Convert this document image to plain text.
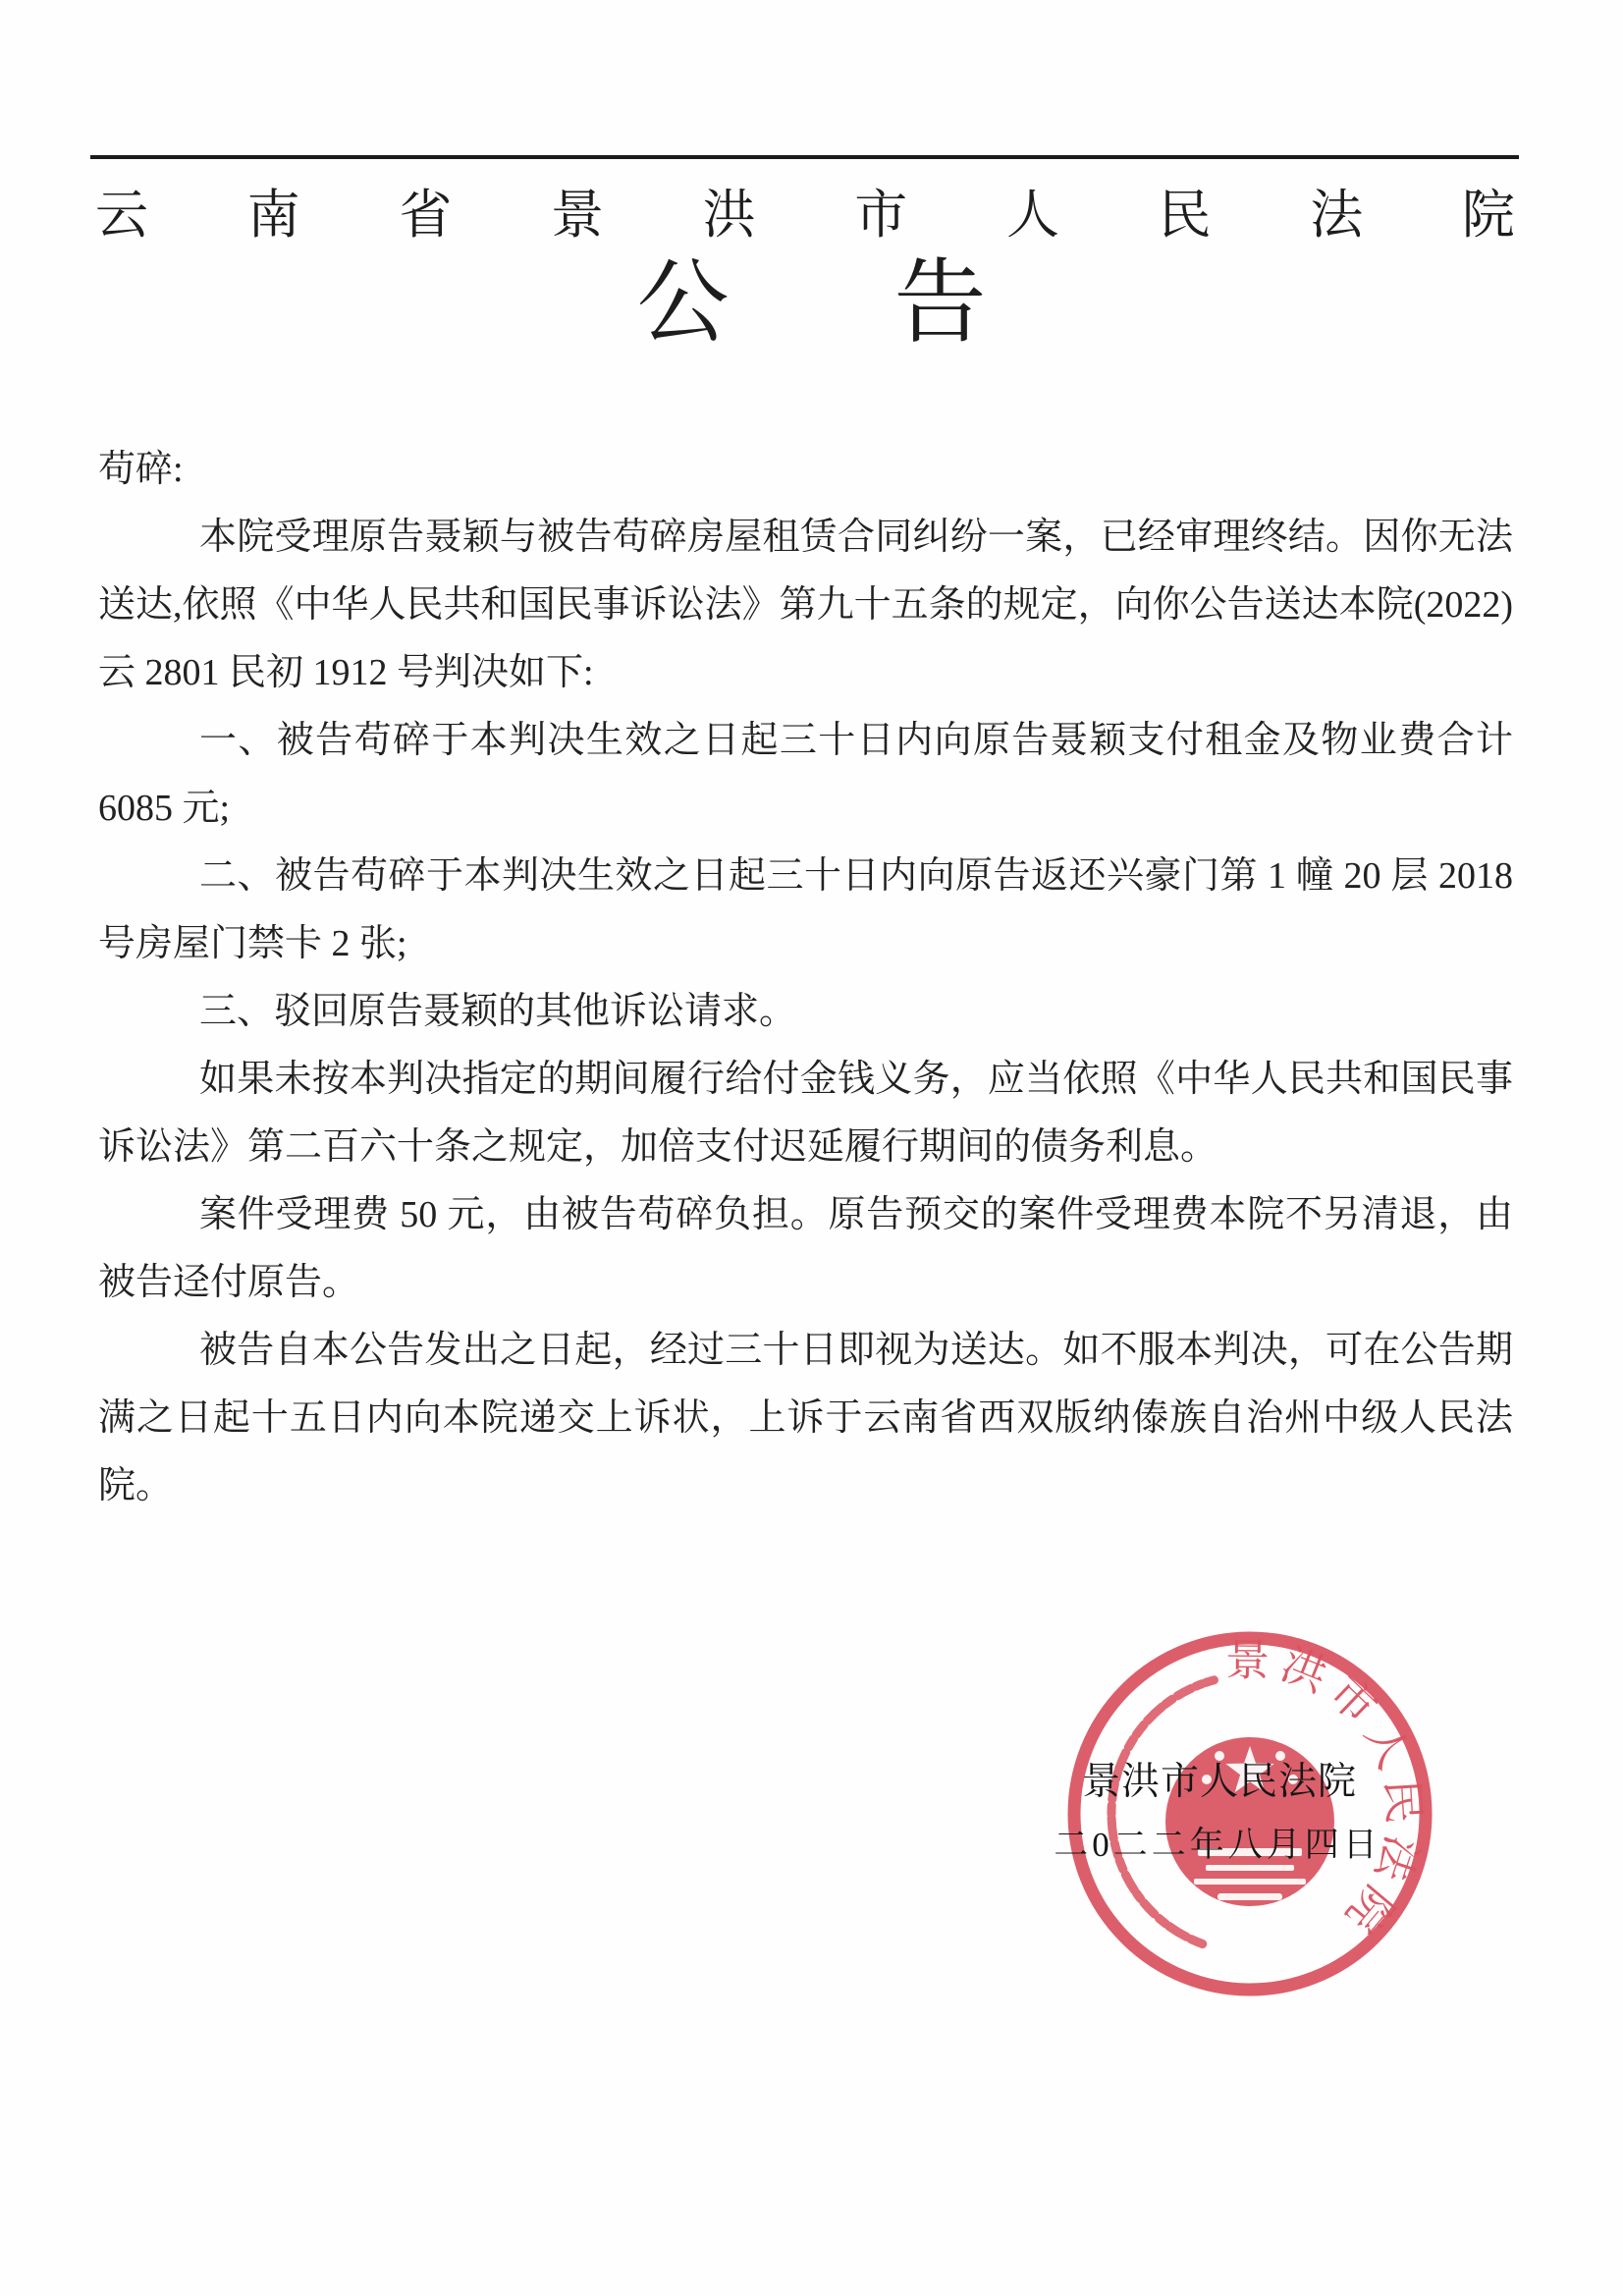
云 南 省 景 洪 市 人 民 法 院
公 告

苟碎:

本院受理原告聂颖与被告苟碎房屋租赁合同纠纷一案，已经审理终结。因你无法送达,依照《中华人民共和国民事诉讼法》第九十五条的规定，向你公告送达本院(2022)云 2801 民初 1912 号判决如下:

一、被告苟碎于本判决生效之日起三十日内向原告聂颖支付租金及物业费合计 6085 元;

二、被告苟碎于本判决生效之日起三十日内向原告返还兴豪门第 1 幢 20 层 2018 号房屋门禁卡 2 张;

三、驳回原告聂颖的其他诉讼请求。

如果未按本判决指定的期间履行给付金钱义务，应当依照《中华人民共和国民事诉讼法》第二百六十条之规定，加倍支付迟延履行期间的债务利息。

案件受理费 50 元，由被告苟碎负担。原告预交的案件受理费本院不另清退，由被告迳付原告。

被告自本公告发出之日起，经过三十日即视为送达。如不服本判决，可在公告期满之日起十五日内向本院递交上诉状，上诉于云南省西双版纳傣族自治州中级人民法院。

景洪市人民法院
景洪市人民法院
二0二二年八月四日
